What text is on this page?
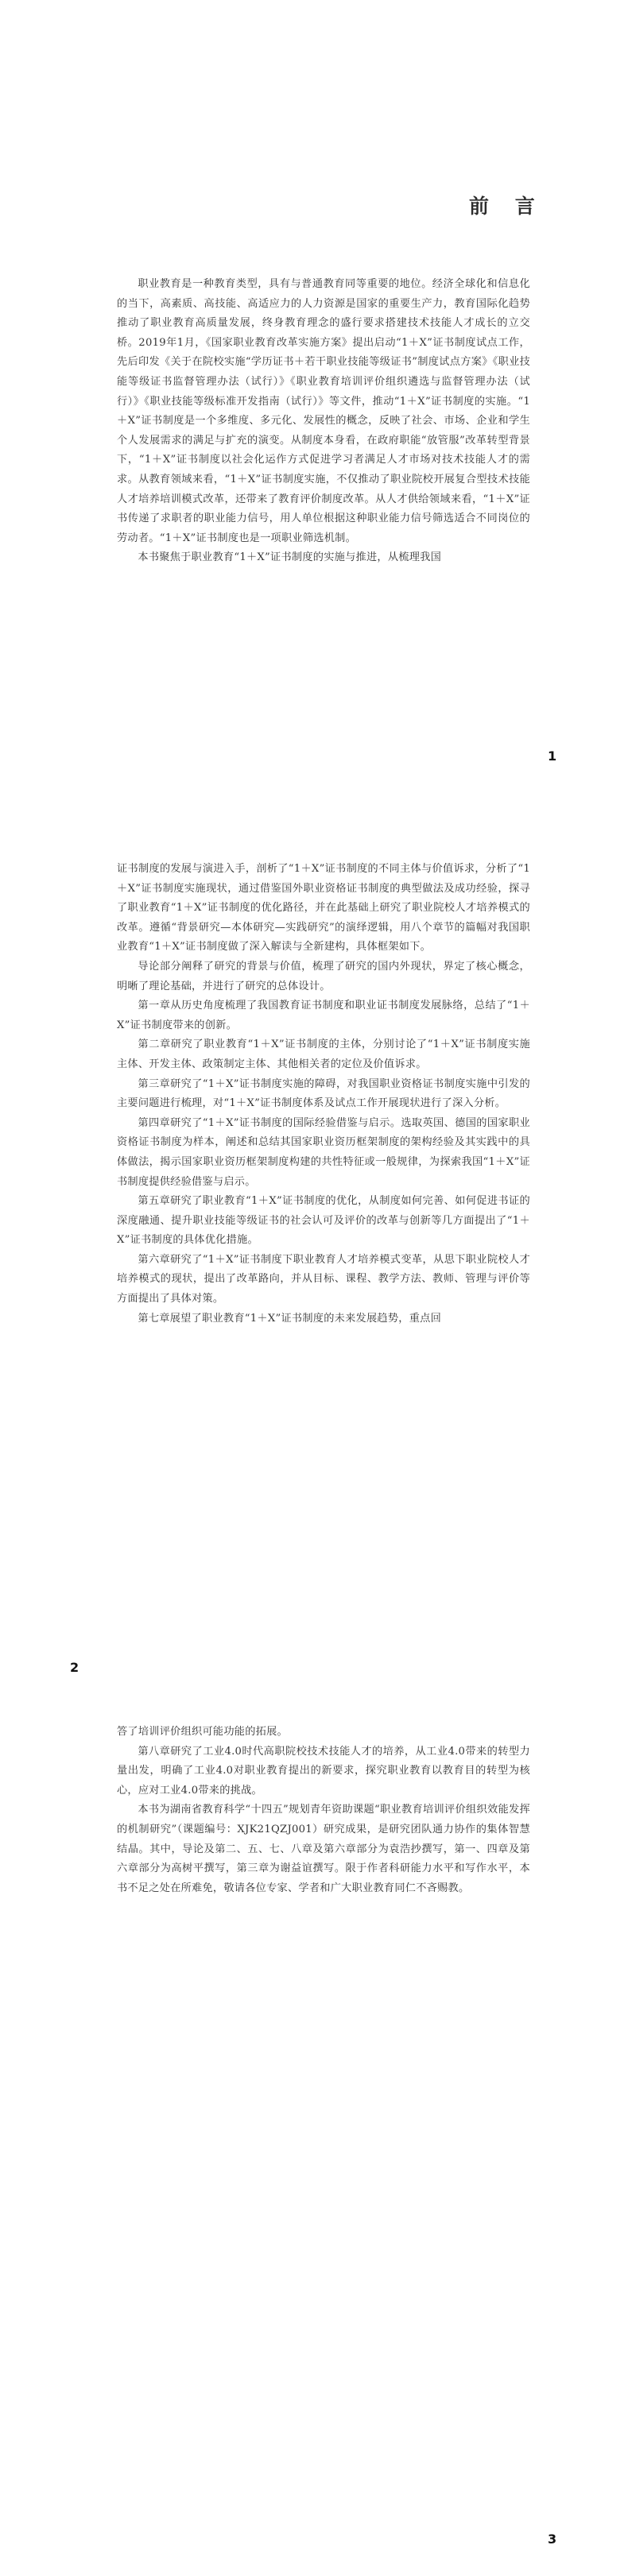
前 言

职业教育是一种教育类型，具有与普通教育同等重要的地位。经济全球化和信息化的当下，高素质、高技能、高适应力的人力资源是国家的重要生产力，教育国际化趋势推动了职业教育高质量发展，终身教育理念的盛行要求搭建技术技能人才成长的立交桥。2019年1月，《国家职业教育改革实施方案》提出启动“1＋X”证书制度试点工作，先后印发《关于在院校实施“学历证书＋若干职业技能等级证书”制度试点方案》《职业技能等级证书监督管理办法（试行）》《职业教育培训评价组织遴选与监督管理办法（试行）》《职业技能等级标准开发指南（试行）》等文件，推动“1＋X”证书制度的实施。“1＋X”证书制度是一个多维度、多元化、发展性的概念，反映了社会、市场、企业和学生个人发展需求的满足与扩充的演变。从制度本身看，在政府职能“放管服”改革转型背景下，“1＋X”证书制度以社会化运作方式促进学习者满足人才市场对技术技能人才的需求。从教育领域来看，“1＋X”证书制度实施，不仅推动了职业院校开展复合型技术技能人才培养培训模式改革，还带来了教育评价制度改革。从人才供给领域来看，“1＋X”证书传递了求职者的职业能力信号，用人单位根据这种职业能力信号筛选适合不同岗位的劳动者。“1＋X”证书制度也是一项职业筛选机制。

本书聚焦于职业教育“1＋X”证书制度的实施与推进，从梳理我国

1

证书制度的发展与演进入手，剖析了“1＋X”证书制度的不同主体与价值诉求，分析了“1＋X”证书制度实施现状，通过借鉴国外职业资格证书制度的典型做法及成功经验，探寻了职业教育“1＋X”证书制度的优化路径，并在此基础上研究了职业院校人才培养模式的改革。遵循“背景研究—本体研究—实践研究”的演绎逻辑，用八个章节的篇幅对我国职业教育“1＋X”证书制度做了深入解读与全新建构，具体框架如下。

导论部分阐释了研究的背景与价值，梳理了研究的国内外现状，界定了核心概念，明晰了理论基础，并进行了研究的总体设计。

第一章从历史角度梳理了我国教育证书制度和职业证书制度发展脉络，总结了“1＋X”证书制度带来的创新。

第二章研究了职业教育“1＋X”证书制度的主体，分别讨论了“1＋X”证书制度实施主体、开发主体、政策制定主体、其他相关者的定位及价值诉求。

第三章研究了“1＋X”证书制度实施的障碍，对我国职业资格证书制度实施中引发的主要问题进行梳理，对“1＋X”证书制度体系及试点工作开展现状进行了深入分析。

第四章研究了“1＋X”证书制度的国际经验借鉴与启示。选取英国、德国的国家职业资格证书制度为样本，阐述和总结其国家职业资历框架制度的架构经验及其实践中的具体做法，揭示国家职业资历框架制度构建的共性特征或一般规律，为探索我国“1＋X”证书制度提供经验借鉴与启示。

第五章研究了职业教育“1＋X”证书制度的优化，从制度如何完善、如何促进书证的深度融通、提升职业技能等级证书的社会认可及评价的改革与创新等几方面提出了“1＋X”证书制度的具体优化措施。

第六章研究了“1＋X”证书制度下职业教育人才培养模式变革，从思下职业院校人才培养模式的现状，提出了改革路向，并从目标、课程、教学方法、教师、管理与评价等方面提出了具体对策。

第七章展望了职业教育“1＋X”证书制度的未来发展趋势，重点回

2

答了培训评价组织可能功能的拓展。

第八章研究了工业4.0时代高职院校技术技能人才的培养，从工业4.0带来的转型力量出发，明确了工业4.0对职业教育提出的新要求，探究职业教育以教育目的转型为核心，应对工业4.0带来的挑战。

本书为湖南省教育科学“十四五”规划青年资助课题“职业教育培训评价组织效能发挥的机制研究”（课题编号：XJK21QZJ001）研究成果，是研究团队通力协作的集体智慧结晶。其中，导论及第二、五、七、八章及第六章部分为袁浩抄撰写，第一、四章及第六章部分为高树平撰写，第三章为谢益谊撰写。限于作者科研能力水平和写作水平，本书不足之处在所难免，敬请各位专家、学者和广大职业教育同仁不吝赐教。

3
